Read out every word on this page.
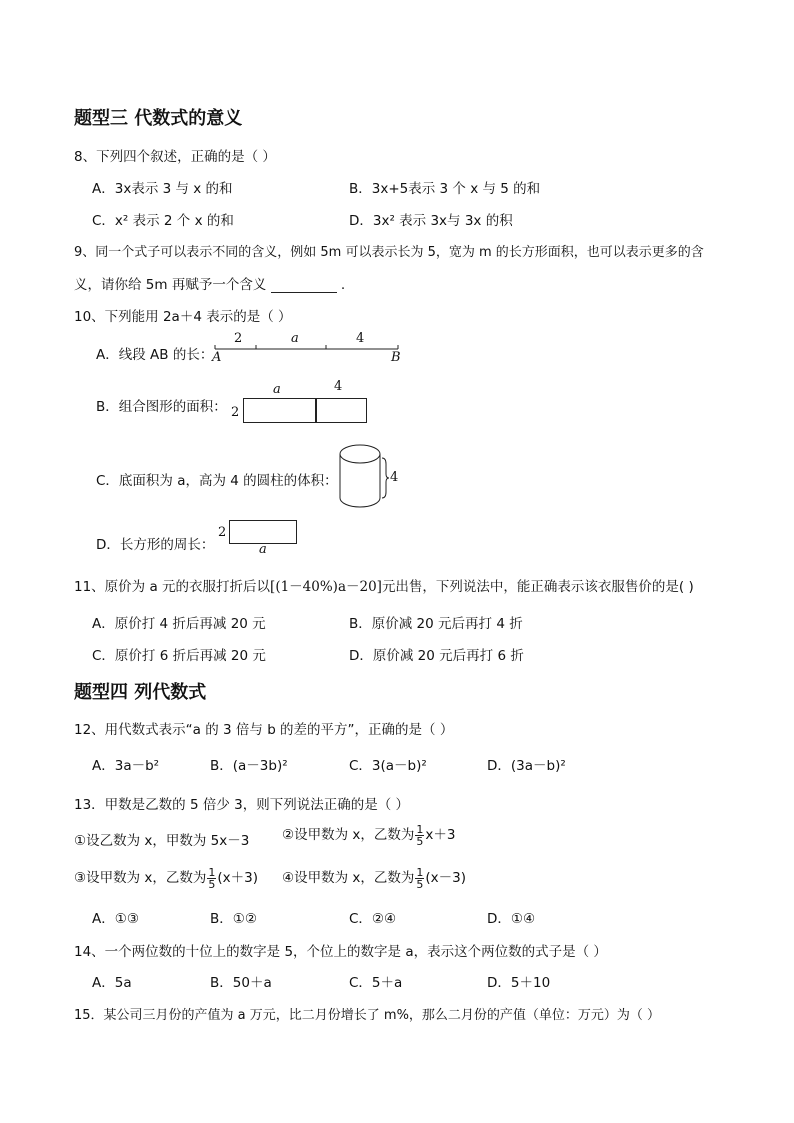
题型三 代数式的意义
8、下列四个叙述，正确的是（ ）
A．3x表示 3 与 x 的和	B．3x+5表示 3 个 x 与 5 的和
C．x² 表示 2 个 x 的和	D．3x² 表示 3x与 3x 的积
9、同一个式子可以表示不同的含义，例如 5m 可以表示长为 5，宽为 m 的长方形面积，也可以表示更多的含
义，请你给 5m 再赋予一个含义	.
10、下列能用 2a＋4 表示的是（ ）
A．线段 AB 的长：
2	a	4
A	B
B．组合图形的面积：
a	4
2
C．底面积为 a，高为 4 的圆柱的体积：	4
D．长方形的周长：
2
a
11、原价为 a 元的衣服打折后以[(1－40%)a－20]元出售，下列说法中，能正确表示该衣服售价的是( )
A．原价打 4 折后再减 20 元	B．原价减 20 元后再打 4 折
C．原价打 6 折后再减 20 元	D．原价减 20 元后再打 6 折
题型四 列代数式
12、用代数式表示“a 的 3 倍与 b 的差的平方”，正确的是（ ）
A．3a－b²	B．(a－3b)²	C．3(a－b)²	D．(3a－b)²
13．甲数是乙数的 5 倍少 3，则下列说法正确的是（ ）
①设乙数为 x，甲数为 5x－3 ②设甲数为 x，乙数为 $\frac{1}{5} x+3$
③设甲数为 x，乙数为 $\frac{1}{5} (x+3)$ ④设甲数为 x，乙数为 $\frac{1}{5} (x-3)$
A．①③	B．①②	C．②④	D．①④
14、一个两位数的十位上的数字是 5，个位上的数字是 a，表示这个两位数的式子是（ ）
A．5a	B．50＋a	C．5＋a	D．5＋10
15．某公司三月份的产值为 a 万元，比二月份增长了 m%，那么二月份的产值（单位：万元）为（ ）
